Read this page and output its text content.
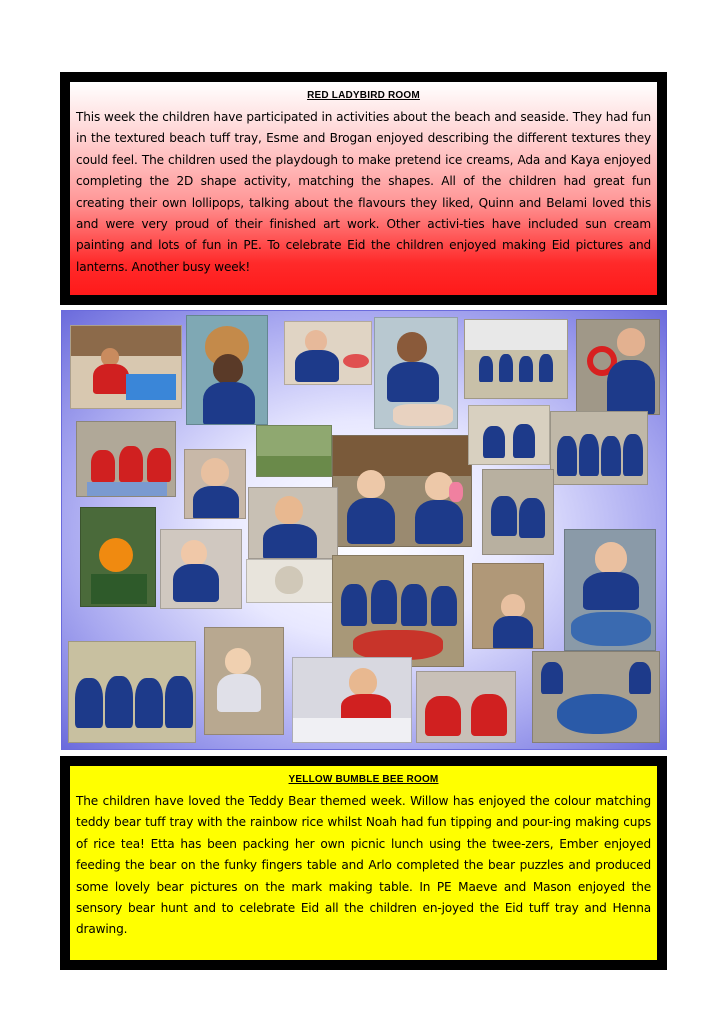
RED LADYBIRD ROOM

This week the children have participated in activities about the beach and seaside. They had fun in the textured beach tuff tray, Esme and Brogan enjoyed describing the different textures they could feel. The children used the playdough to make pretend ice creams, Ada and Kaya enjoyed completing the 2D shape activity, matching the shapes. All of the children had great fun creating their own lollipops, talking about the flavours they liked, Quinn and Belami loved this and were very proud of their finished art work. Other activi-ties have included sun cream painting and lots of fun in PE. To celebrate Eid the children enjoyed making Eid pictures and lanterns. Another busy week!

YELLOW BUMBLE BEE ROOM

The children have loved the Teddy Bear themed week. Willow has enjoyed the colour matching teddy bear tuff tray with the rainbow rice whilst Noah had fun tipping and pour-ing making cups of rice tea! Etta has been packing her own picnic lunch using the twee-zers, Ember enjoyed feeding the bear on the funky fingers table and Arlo completed the bear puzzles and produced some lovely bear pictures on the mark making table. In PE Maeve and Mason enjoyed the sensory bear hunt and to celebrate Eid all the children en-joyed the Eid tuff tray and Henna drawing.
